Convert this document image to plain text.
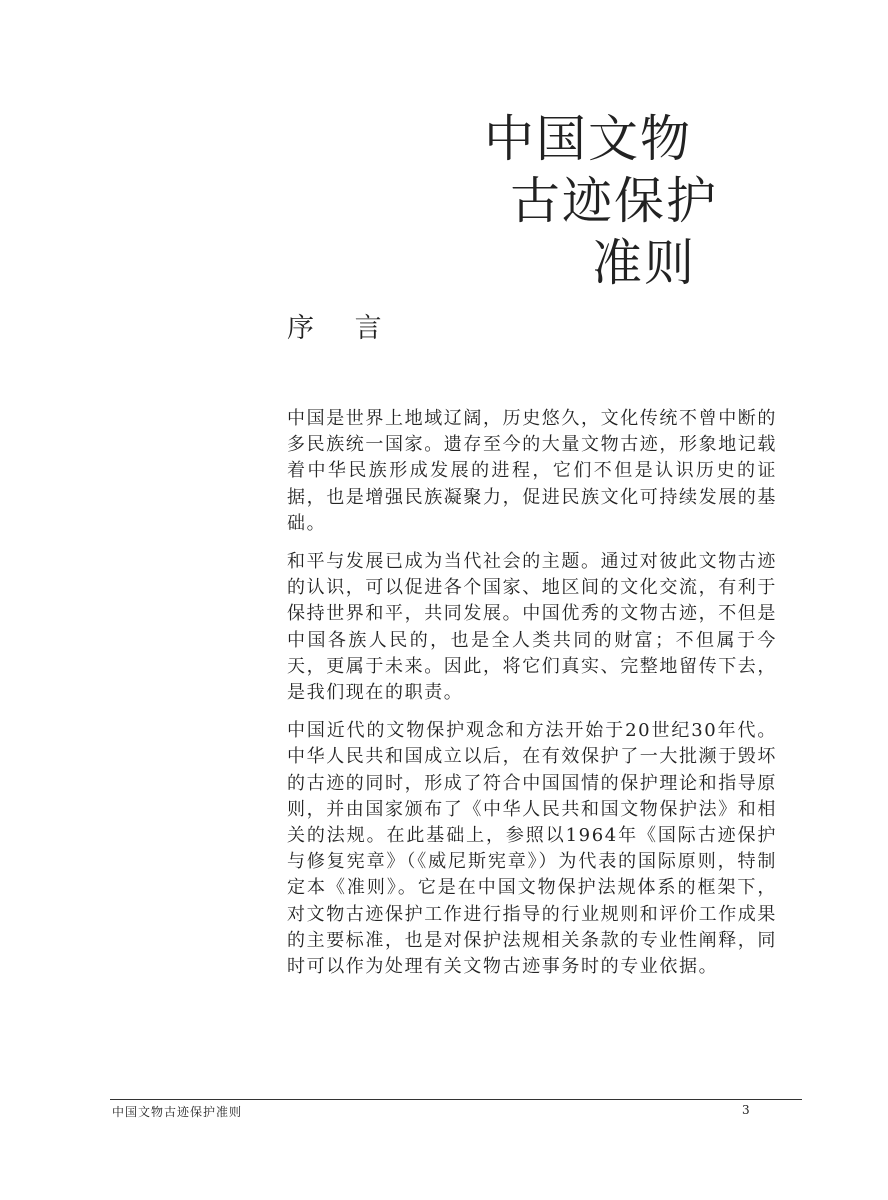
中国文物
古迹保护
准则
序 言

中国是世界上地域辽阔，历史悠久，文化传统不曾中断的多民族统一国家。遗存至今的大量文物古迹，形象地记载着中华民族形成发展的进程，它们不但是认识历史的证据，也是增强民族凝聚力，促进民族文化可持续发展的基础。

和平与发展已成为当代社会的主题。通过对彼此文物古迹的认识，可以促进各个国家、地区间的文化交流，有利于保持世界和平，共同发展。中国优秀的文物古迹，不但是中国各族人民的，也是全人类共同的财富；不但属于今天，更属于未来。因此，将它们真实、完整地留传下去，是我们现在的职责。

中国近代的文物保护观念和方法开始于20世纪30年代。中华人民共和国成立以后，在有效保护了一大批濒于毁坏的古迹的同时，形成了符合中国国情的保护理论和指导原则，并由国家颁布了《中华人民共和国文物保护法》和相关的法规。在此基础上，参照以1964年《国际古迹保护与修复宪章》（《威尼斯宪章》）为代表的国际原则，特制定本《准则》。它是在中国文物保护法规体系的框架下，对文物古迹保护工作进行指导的行业规则和评价工作成果的主要标准，也是对保护法规相关条款的专业性阐释，同时可以作为处理有关文物古迹事务时的专业依据。

中国文物古迹保护准则	3
